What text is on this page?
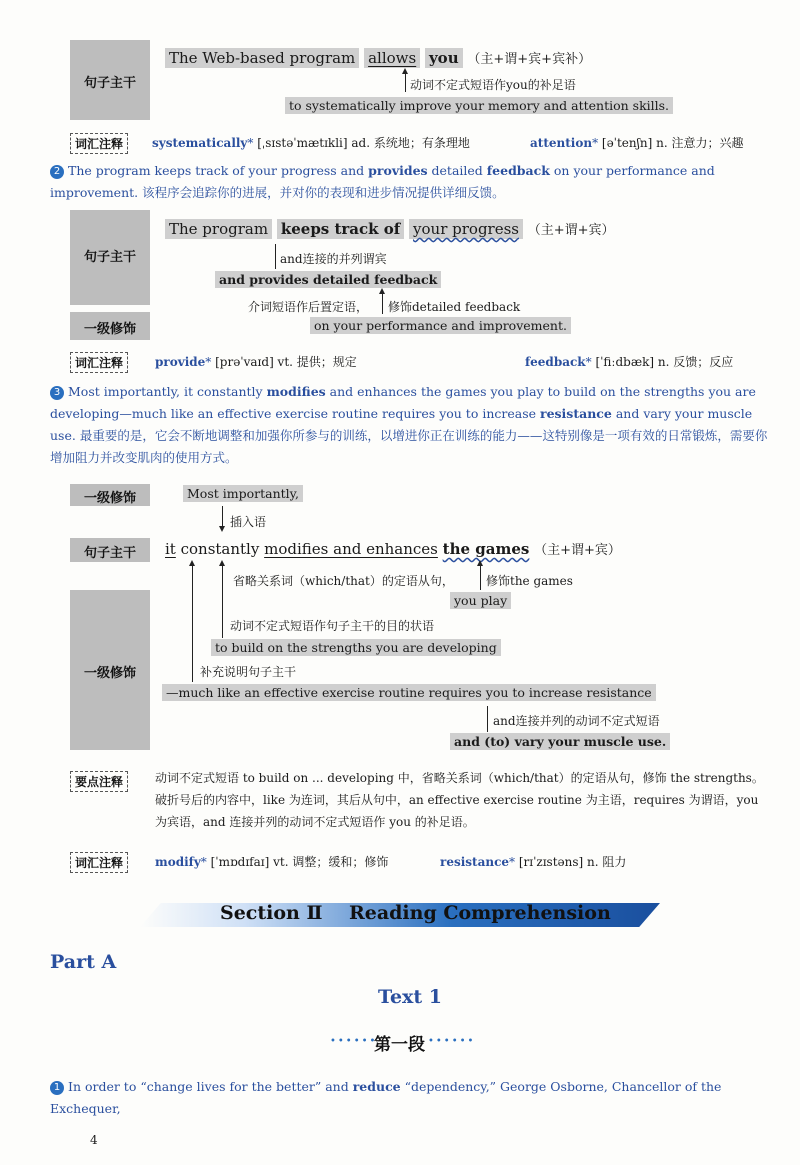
句子主干
The Web-based program allows you （主+谓+宾+宾补）
动词不定式短语作you的补足语
to systematically improve your memory and attention skills.
词汇注释	systematically* [ˌsɪstəˈmætɪkli] ad. 系统地；有条理地	attention* [əˈtenʃn] n. 注意力；兴趣
2 The program keeps track of your progress and provides detailed feedback on your performance and improvement. 该程序会追踪你的进展，并对你的表现和进步情况提供详细反馈。
句子主干
一级修饰
The program keeps track of your progress （主+谓+宾）
and连接的并列谓宾
and provides detailed feedback
介词短语作后置定语， 修饰detailed feedback
on your performance and improvement.
词汇注释	provide* [prəˈvaɪd] vt. 提供；规定	feedback* [ˈfiːdbæk] n. 反馈；反应
3 Most importantly, it constantly modifies and enhances the games you play to build on the strengths you are developing—much like an effective exercise routine requires you to increase resistance and vary your muscle use. 最重要的是，它会不断地调整和加强你所参与的训练，以增进你正在训练的能力——这特别像是一项有效的日常锻炼，需要你增加阻力并改变肌肉的使用方式。
一级修饰
句子主干
一级修饰
Most importantly,
插入语
it constantly modifies and enhances the games （主+谓+宾）
省略关系词（which/that）的定语从句，	修饰the games
you play
动词不定式短语作句子主干的目的状语
to build on the strengths you are developing
补充说明句子主干
—much like an effective exercise routine requires you to increase resistance
and连接并列的动词不定式短语
and (to) vary your muscle use.
要点注释	动词不定式短语 to build on ... developing 中，省略关系词（which/that）的定语从句，修饰 the strengths。破折号后的内容中，like 为连词，其后从句中，an effective exercise routine 为主语，requires 为谓语，you 为宾语，and 连接并列的动词不定式短语作 you 的补足语。
词汇注释	modify* [ˈmɒdɪfaɪ] vt. 调整；缓和；修饰	resistance* [rɪˈzɪstəns] n. 阻力
Section Ⅱ    Reading Comprehension
Part A
Text 1
••••••
第一段 ••••••
1 In order to “change lives for the better” and reduce “dependency,” George Osborne, Chancellor of the Exchequer,
4
